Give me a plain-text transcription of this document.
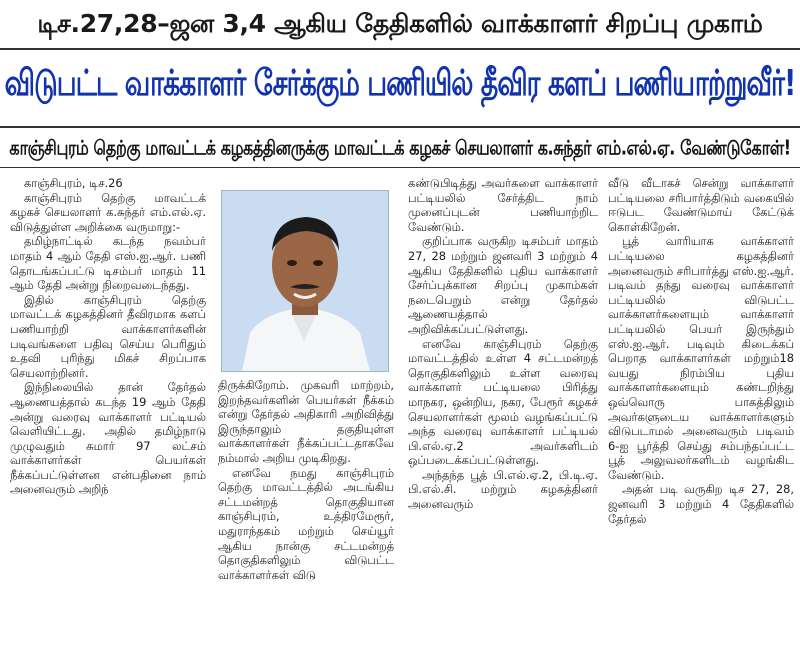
டிச.27,28–ஜன 3,4 ஆகிய தேதிகளில் வாக்காளர் சிறப்பு முகாம்
விடுபட்ட வாக்காளர் சேர்க்கும் பணியில் தீவிர களப் பணியாற்றுவீர்!
காஞ்சிபுரம் தெற்கு மாவட்டக் கழகத்தினருக்கு மாவட்டக் கழகச் செயலாளர் க.சுந்தர் எம்.எல்.ஏ. வேண்டுகோள்!

காஞ்சிபுரம், டிச.26

காஞ்சிபுரம் தெற்கு மாவட்டக் கழகச் செயலாளர் க.சுந்தர் எம்.எல்.ஏ. விடுத்துள்ள அறிக்கை வருமாறு:-

தமிழ்நாட்டில் கடந்த நவம்பர் மாதம் 4 ஆம் தேதி எஸ்.ஐ.ஆர். பணி தொடங்கப்பட்டு டிசம்பர் மாதம் 11 ஆம் தேதி அன்று நிறைவடைந்தது.

இதில் காஞ்சிபுரம் தெற்கு மாவட்டக் கழகத்தினர் தீவிரமாக களப் பணியாற்றி வாக்காளர்களின் படிவங்களை பதிவு செய்ய பெரிதும் உதவி புரிந்து மிகச் சிறப்பாக செயலாற்றினர்.

இந்நிலையில் தான் தேர்தல் ஆணையத்தால் கடந்த 19 ஆம் தேதி அன்று வரைவு வாக்காளர் பட்டியல் வெளியிட்டது. அதில் தமிழ்நாடு முழுவதும் சுமார் 97 லட்சம் வாக்காளர்கள் பெயர்கள் நீக்கப்பட்டுள்ளன என்பதினை நாம் அனைவரும் அறிந்

திருக்கிறோம். முகவரி மாற்றம், இறந்தவர்களின் பெயர்கள் நீக்கம் என்று தேர்தல் அதிகாரி அறிவித்து இருந்தாலும் தகுதியுள்ள வாக்காளர்கள் நீக்கப்பட்டதாகவே நம்மால் அறிய முடிகிறது.

எனவே நமது காஞ்சிபுரம் தெற்கு மாவட்டத்தில் அடங்கிய சட்டமன்றத் தொகுதியான காஞ்சிபுரம், உத்திரமேரூர், மதுராந்தகம் மற்றும் செய்யூர் ஆகிய நான்கு சட்டமன்றத் தொகுதிகளிலும் விடுபட்ட வாக்காளர்கள் விடு

கண்டுபிடித்து அவர்களை வாக்காளர் பட்டியலில் சேர்த்திட நாம் முனைப்புடன் பணியாற்றிட வேண்டும்.

குறிப்பாக வருகிற டிசம்பர் மாதம் 27, 28 மற்றும் ஜனவரி 3 மற்றும் 4 ஆகிய தேதிகளில் புதிய வாக்காளர் சேர்ப்புக்கான சிறப்பு முகாம்கள் நடைபெறும் என்று தேர்தல் ஆணையத்தால் அறிவிக்கப்பட்டுள்ளது.

எனவே காஞ்சிபுரம் தெற்கு மாவட்டத்தில் உள்ள 4 சட்டமன்றத் தொகுதிகளிலும் உள்ள வரைவு வாக்காளர் பட்டியலை பிரித்து மாநகர, ஒன்றிய, நகர, பேரூர் கழகச் செயலாளர்கள் மூலம் வழங்கப்பட்டு அந்த வரைவு வாக்காளர் பட்டியல் பி.எல்.ஏ.2 அவர்களிடம் ஒப்படைக்கப்பட்டுள்ளது.

அந்தந்த பூத் பி.எல்.ஏ.2, பி.டி.ஏ. பி.எல்.சி. மற்றும் கழகத்தினர் அனைவரும்

வீடு வீடாகச் சென்று வாக்காளர் பட்டியலை சரிபார்த்திடும் வகையில் ஈடுபட வேண்டுமாய் கேட்டுக் கொள்கிறேன்.

பூத் வாரியாக வாக்காளர் பட்டியலை கழகத்தினர் அனைவரும் சரிபார்த்து எஸ்.ஐ.ஆர். படிவம் தந்து வரைவு வாக்காளர் பட்டியலில் விடுபட்ட வாக்காளர்களையும் வாக்காளர் பட்டியலில் பெயர் இருந்தும் எஸ்.ஐ.ஆர். படிவும் கிடைக்கப் பெறாத வாக்காளர்கள் மற்றும்18 வயது நிரம்பிய புதிய வாக்காளர்களையும் கண்டறிந்து ஒவ்வொரு பாகத்திலும் அவர்களுடைய வாக்காளர்களும் விடுபடாமல் அனைவரும் படிவம் 6-ஐ பூர்த்தி செய்து சம்பந்தப்பட்ட பூத் அலுவலர்களிடம் வழங்கிட வேண்டும்.

அதன் படி வருகிற டிச 27, 28, ஜனவரி 3 மற்றும் 4 தேதிகளில் தேர்தல்
